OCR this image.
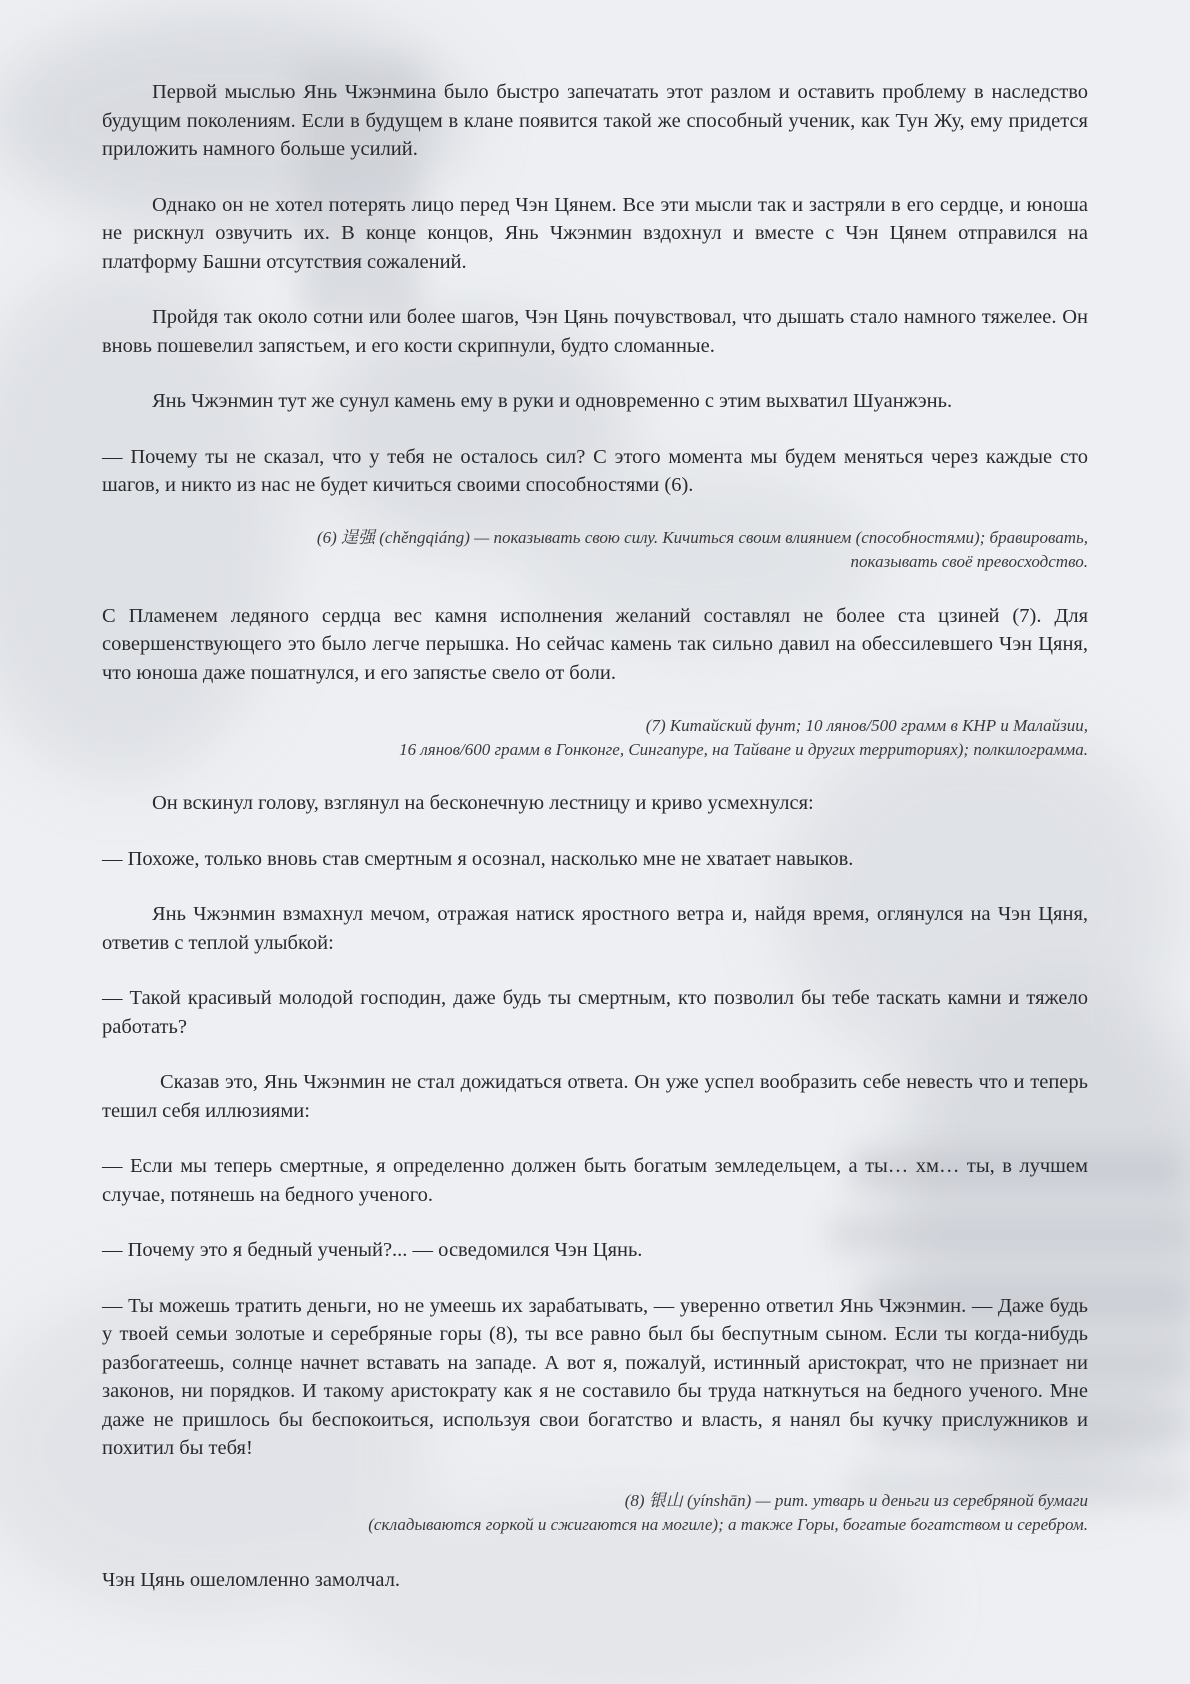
Первой мыслью Янь Чжэнмина было быстро запечатать этот разлом и оставить проблему в наследство будущим поколениям. Если в будущем в клане появится такой же способный ученик, как Тун Жу, ему придется приложить намного больше усилий.

Однако он не хотел потерять лицо перед Чэн Цянем. Все эти мысли так и застряли в его сердце, и юноша не рискнул озвучить их. В конце концов, Янь Чжэнмин вздохнул и вместе с Чэн Цянем отправился на платформу Башни отсутствия сожалений.

Пройдя так около сотни или более шагов, Чэн Цянь почувствовал, что дышать стало намного тяжелее. Он вновь пошевелил запястьем, и его кости скрипнули, будто сломанные.

Янь Чжэнмин тут же сунул камень ему в руки и одновременно с этим выхватил Шуанжэнь.

— Почему ты не сказал, что у тебя не осталось сил? С этого момента мы будем меняться через каждые сто шагов, и никто из нас не будет кичиться своими способностями (6).

(6) 逞强 (chěngqiáng) — показывать свою силу. Кичиться своим влиянием (способностями); бравировать,

показывать своё превосходство.

С Пламенем ледяного сердца вес камня исполнения желаний составлял не более ста цзиней (7). Для совершенствующего это было легче перышка. Но сейчас камень так сильно давил на обессилевшего Чэн Цяня, что юноша даже пошатнулся, и его запястье свело от боли.

(7) Китайский фунт; 10 лянов/500 грамм в КНР и Малайзии,

16 лянов/600 грамм в Гонконге, Сингапуре, на Тайване и других территориях); полкилограмма.

Он вскинул голову, взглянул на бесконечную лестницу и криво усмехнулся:

— Похоже, только вновь став смертным я осознал, насколько мне не хватает навыков.

Янь Чжэнмин взмахнул мечом, отражая натиск яростного ветра и, найдя время, оглянулся на Чэн Цяня, ответив с теплой улыбкой:

— Такой красивый молодой господин, даже будь ты смертным, кто позволил бы тебе таскать камни и тяжело работать?

Сказав это, Янь Чжэнмин не стал дожидаться ответа. Он уже успел вообразить себе невесть что и теперь тешил себя иллюзиями:

— Если мы теперь смертные, я определенно должен быть богатым земледельцем, а ты… хм… ты, в лучшем случае, потянешь на бедного ученого.

— Почему это я бедный ученый?... — осведомился Чэн Цянь.

— Ты можешь тратить деньги, но не умеешь их зарабатывать, — уверенно ответил Янь Чжэнмин. — Даже будь у твоей семьи золотые и серебряные горы (8), ты все равно был бы беспутным сыном. Если ты когда-нибудь разбогатеешь, солнце начнет вставать на западе. А вот я, пожалуй, истинный аристократ, что не признает ни законов, ни порядков. И такому аристократу как я не составило бы труда наткнуться на бедного ученого. Мне даже не пришлось бы беспокоиться, используя свои богатство и власть, я нанял бы кучку прислужников и похитил бы тебя!

(8) 银山 (yínshān) — рит. утварь и деньги из серебряной бумаги

(складываются горкой и сжигаются на могиле); а также Горы, богатые богатством и серебром.

Чэн Цянь ошеломленно замолчал.
